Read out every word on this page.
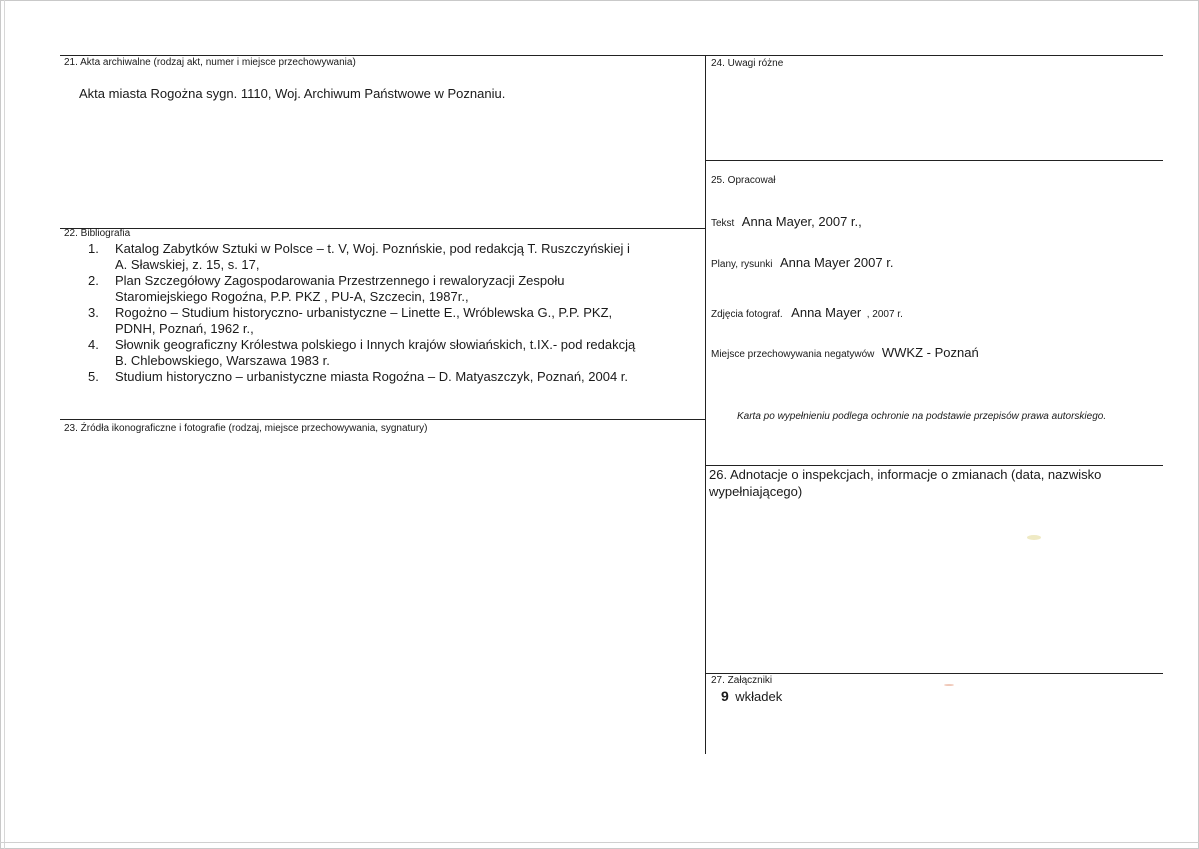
21. Akta archiwalne (rodzaj akt, numer i miejsce przechowywania)
Akta miasta Rogożna sygn. 1110, Woj. Archiwum Państwowe w Poznaniu.
22. Bibliografia
1. Katalog Zabytków Sztuki w Polsce – t. V, Woj. Poznńskie, pod redakcją T. Ruszczyńskiej i
A. Sławskiej, z. 15, s. 17,
2. Plan Szczegółowy Zagospodarowania Przestrzennego i rewaloryzacji Zespołu
Staromiejskiego Rogoźna, P.P. PKZ , PU-A, Szczecin, 1987r.,
3. Rogożno – Studium historyczno- urbanistyczne – Linette E., Wróblewska G., P.P. PKZ,
PDNH, Poznań, 1962 r.,
4. Słownik geograficzny Królestwa polskiego i Innych krajów słowiańskich, t.IX.- pod redakcją
B. Chlebowskiego, Warszawa 1983 r.
5. Studium historyczno – urbanistyczne miasta Rogoźna – D. Matyaszczyk, Poznań, 2004 r.
23. Źródła ikonograficzne i fotografie (rodzaj, miejsce przechowywania, sygnatury)
24. Uwagi różne
25. Opracował
Tekst Anna Mayer, 2007 r.,
Plany, rysunki Anna Mayer 2007 r.
Zdjęcia fotograf. Anna Mayer , 2007 r.
Miejsce przechowywania negatywów WWKZ - Poznań
Karta po wypełnieniu podlega ochronie na podstawie przepisów prawa autorskiego.
26. Adnotacje o inspekcjach, informacje o zmianach (data, nazwisko
wypełniającego)
27. Załączniki
9 wkładek
